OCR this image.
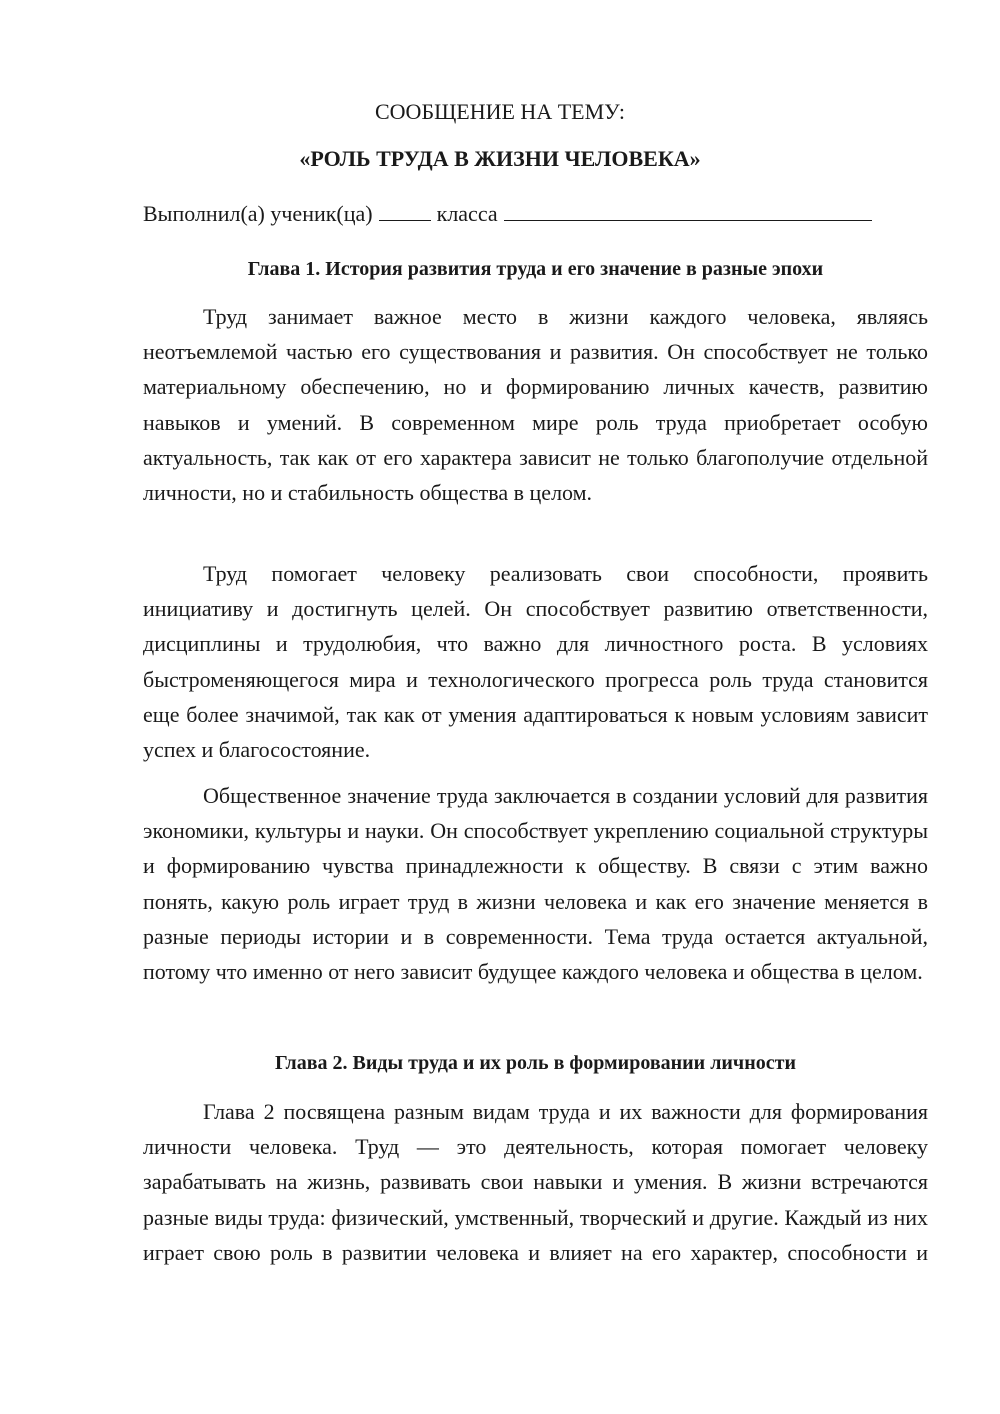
СООБЩЕНИЕ НА ТЕМУ:
«РОЛЬ ТРУДА В ЖИЗНИ ЧЕЛОВЕКА»
Выполнил(а) ученик(ца)	класса
Глава 1. История развития труда и его значение в разные эпохи

Труд занимает важное место в жизни каждого человека, являясь неотъемлемой частью его существования и развития. Он способствует не только материальному обеспечению, но и формированию личных качеств, развитию навыков и умений. В современном мире роль труда приобретает особую актуальность, так как от его характера зависит не только благополучие отдельной личности, но и стабильность общества в целом.

Труд помогает человеку реализовать свои способности, проявить инициативу и достигнуть целей. Он способствует развитию ответственности, дисциплины и трудолюбия, что важно для личностного роста. В условиях быстроменяющегося мира и технологического прогресса роль труда становится еще более значимой, так как от умения адаптироваться к новым условиям зависит успех и благосостояние.

Общественное значение труда заключается в создании условий для развития экономики, культуры и науки. Он способствует укреплению социальной структуры и формированию чувства принадлежности к обществу. В связи с этим важно понять, какую роль играет труд в жизни человека и как его значение меняется в разные периоды истории и в современности. Тема труда остается актуальной, потому что именно от него зависит будущее каждого человека и общества в целом.

Глава 2. Виды труда и их роль в формировании личности

Глава 2 посвящена разным видам труда и их важности для формирования личности человека. Труд — это деятельность, которая помогает человеку зарабатывать на жизнь, развивать свои навыки и умения. В жизни встречаются разные виды труда: физический, умственный, творческий и другие. Каждый из них играет свою роль в развитии человека и влияет на его характер, способности и
